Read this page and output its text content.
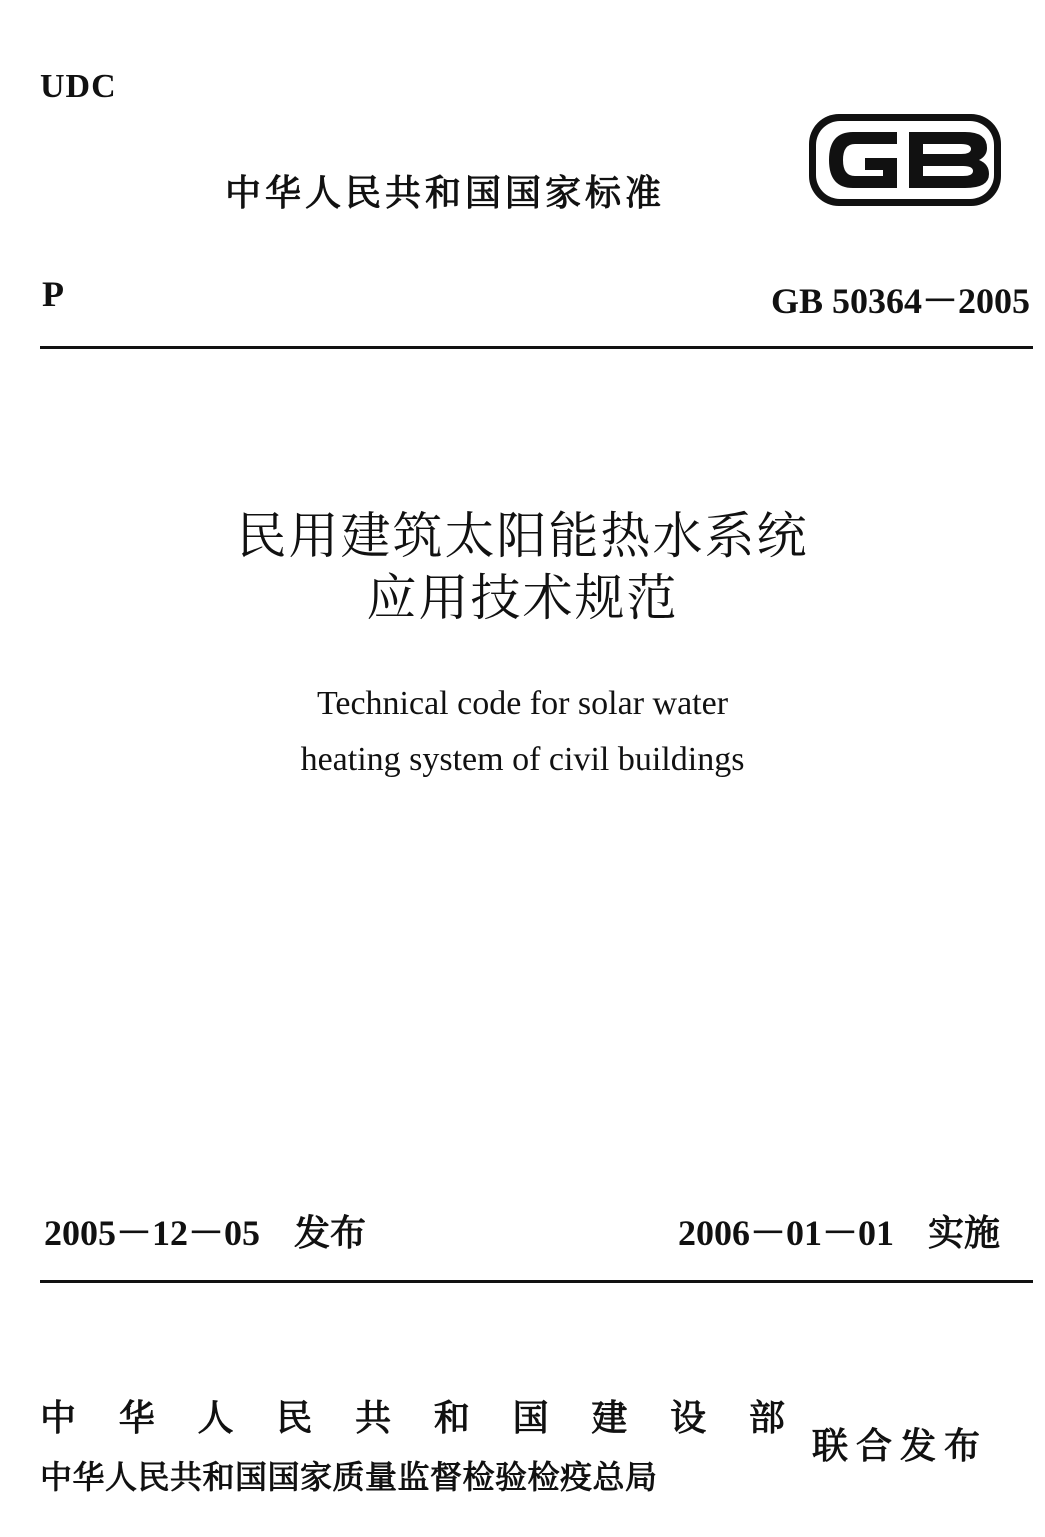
UDC
中华人民共和国国家标准
P	GB 50364－2005
民用建筑太阳能热水系统
应用技术规范
Technical code for solar water
heating system of civil buildings
2005－12－05 发布	2006－01－01 实施
中 华 人 民 共 和 国 建 设 部
中华人民共和国国家质量监督检验检疫总局
联合发布
